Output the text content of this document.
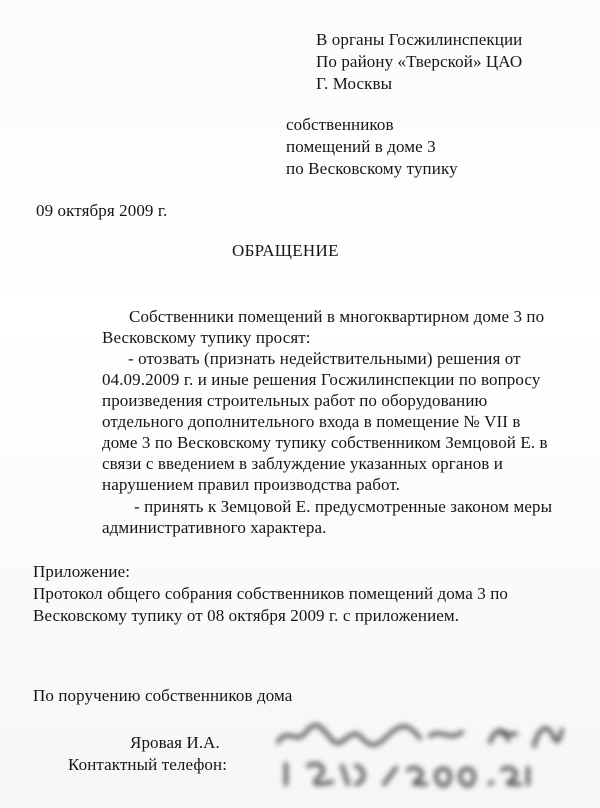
В органы Госжилинспекции
По району «Тверской» ЦАО
Г. Москвы
собственников
помещений в доме 3
по Весковскому тупику
09 октября 2009 г.
ОБРАЩЕНИЕ
Собственники помещений в многоквартирном доме 3 по
Весковскому тупику просят:
- отозвать (признать недействительными) решения от
04.09.2009 г. и иные решения Госжилинспекции по вопросу
произведения строительных работ по оборудованию
отдельного дополнительного входа в помещение № VII в
доме 3 по Весковскому тупику собственником Земцовой Е. в
связи с введением в заблуждение указанных органов и
нарушением правил производства работ.
- принять к Земцовой Е. предусмотренные законом меры
административного характера.
Приложение:
Протокол общего собрания собственников помещений дома 3 по
Весковскому тупику от 08 октября 2009 г. с приложением.
По поручению собственников дома
Яровая И.А.
Контактный телефон:
